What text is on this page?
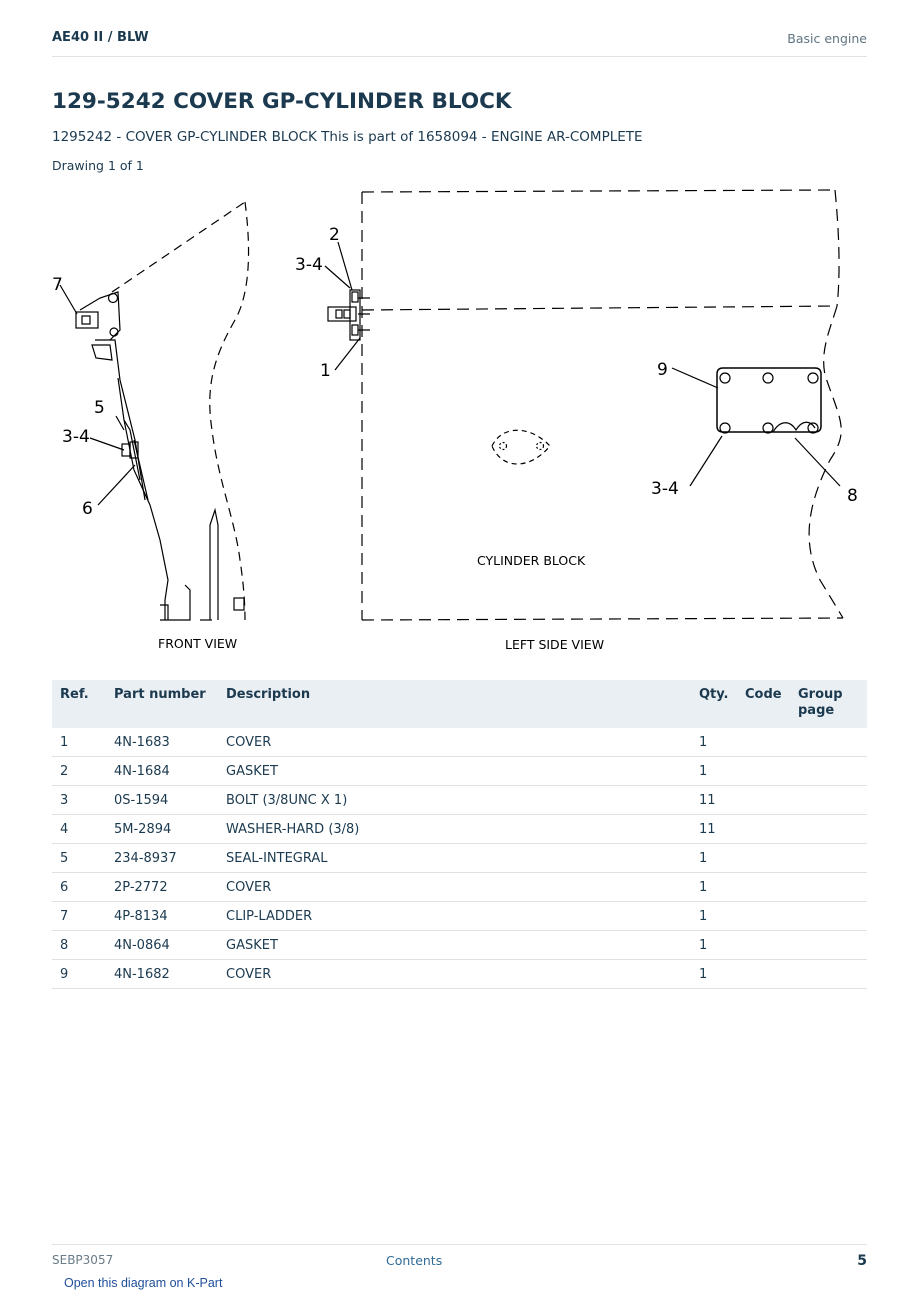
AE40 II / BLW	Basic engine
129-5242 COVER GP-CYLINDER BLOCK
1295242 - COVER GP-CYLINDER BLOCK This is part of 1658094 - ENGINE AR-COMPLETE
Drawing 1 of 1
7
5
3-4
6
2
3-4
1	9
3-4	8
CYLINDER BLOCK
FRONT VIEW	LEFT SIDE VIEW
Ref.	Part number	Description	Qty.	Code	Group page
1	4N-1683	COVER	1		
2	4N-1684	GASKET	1		
3	0S-1594	BOLT (3/8UNC X 1)	11		
4	5M-2894	WASHER-HARD (3/8)	11		
5	234-8937	SEAL-INTEGRAL	1		
6	2P-2772	COVER	1		
7	4P-8134	CLIP-LADDER	1		
8	4N-0864	GASKET	1		
9	4N-1682	COVER	1		
SEBP3057	Contents	5
Open this diagram on K-Part
